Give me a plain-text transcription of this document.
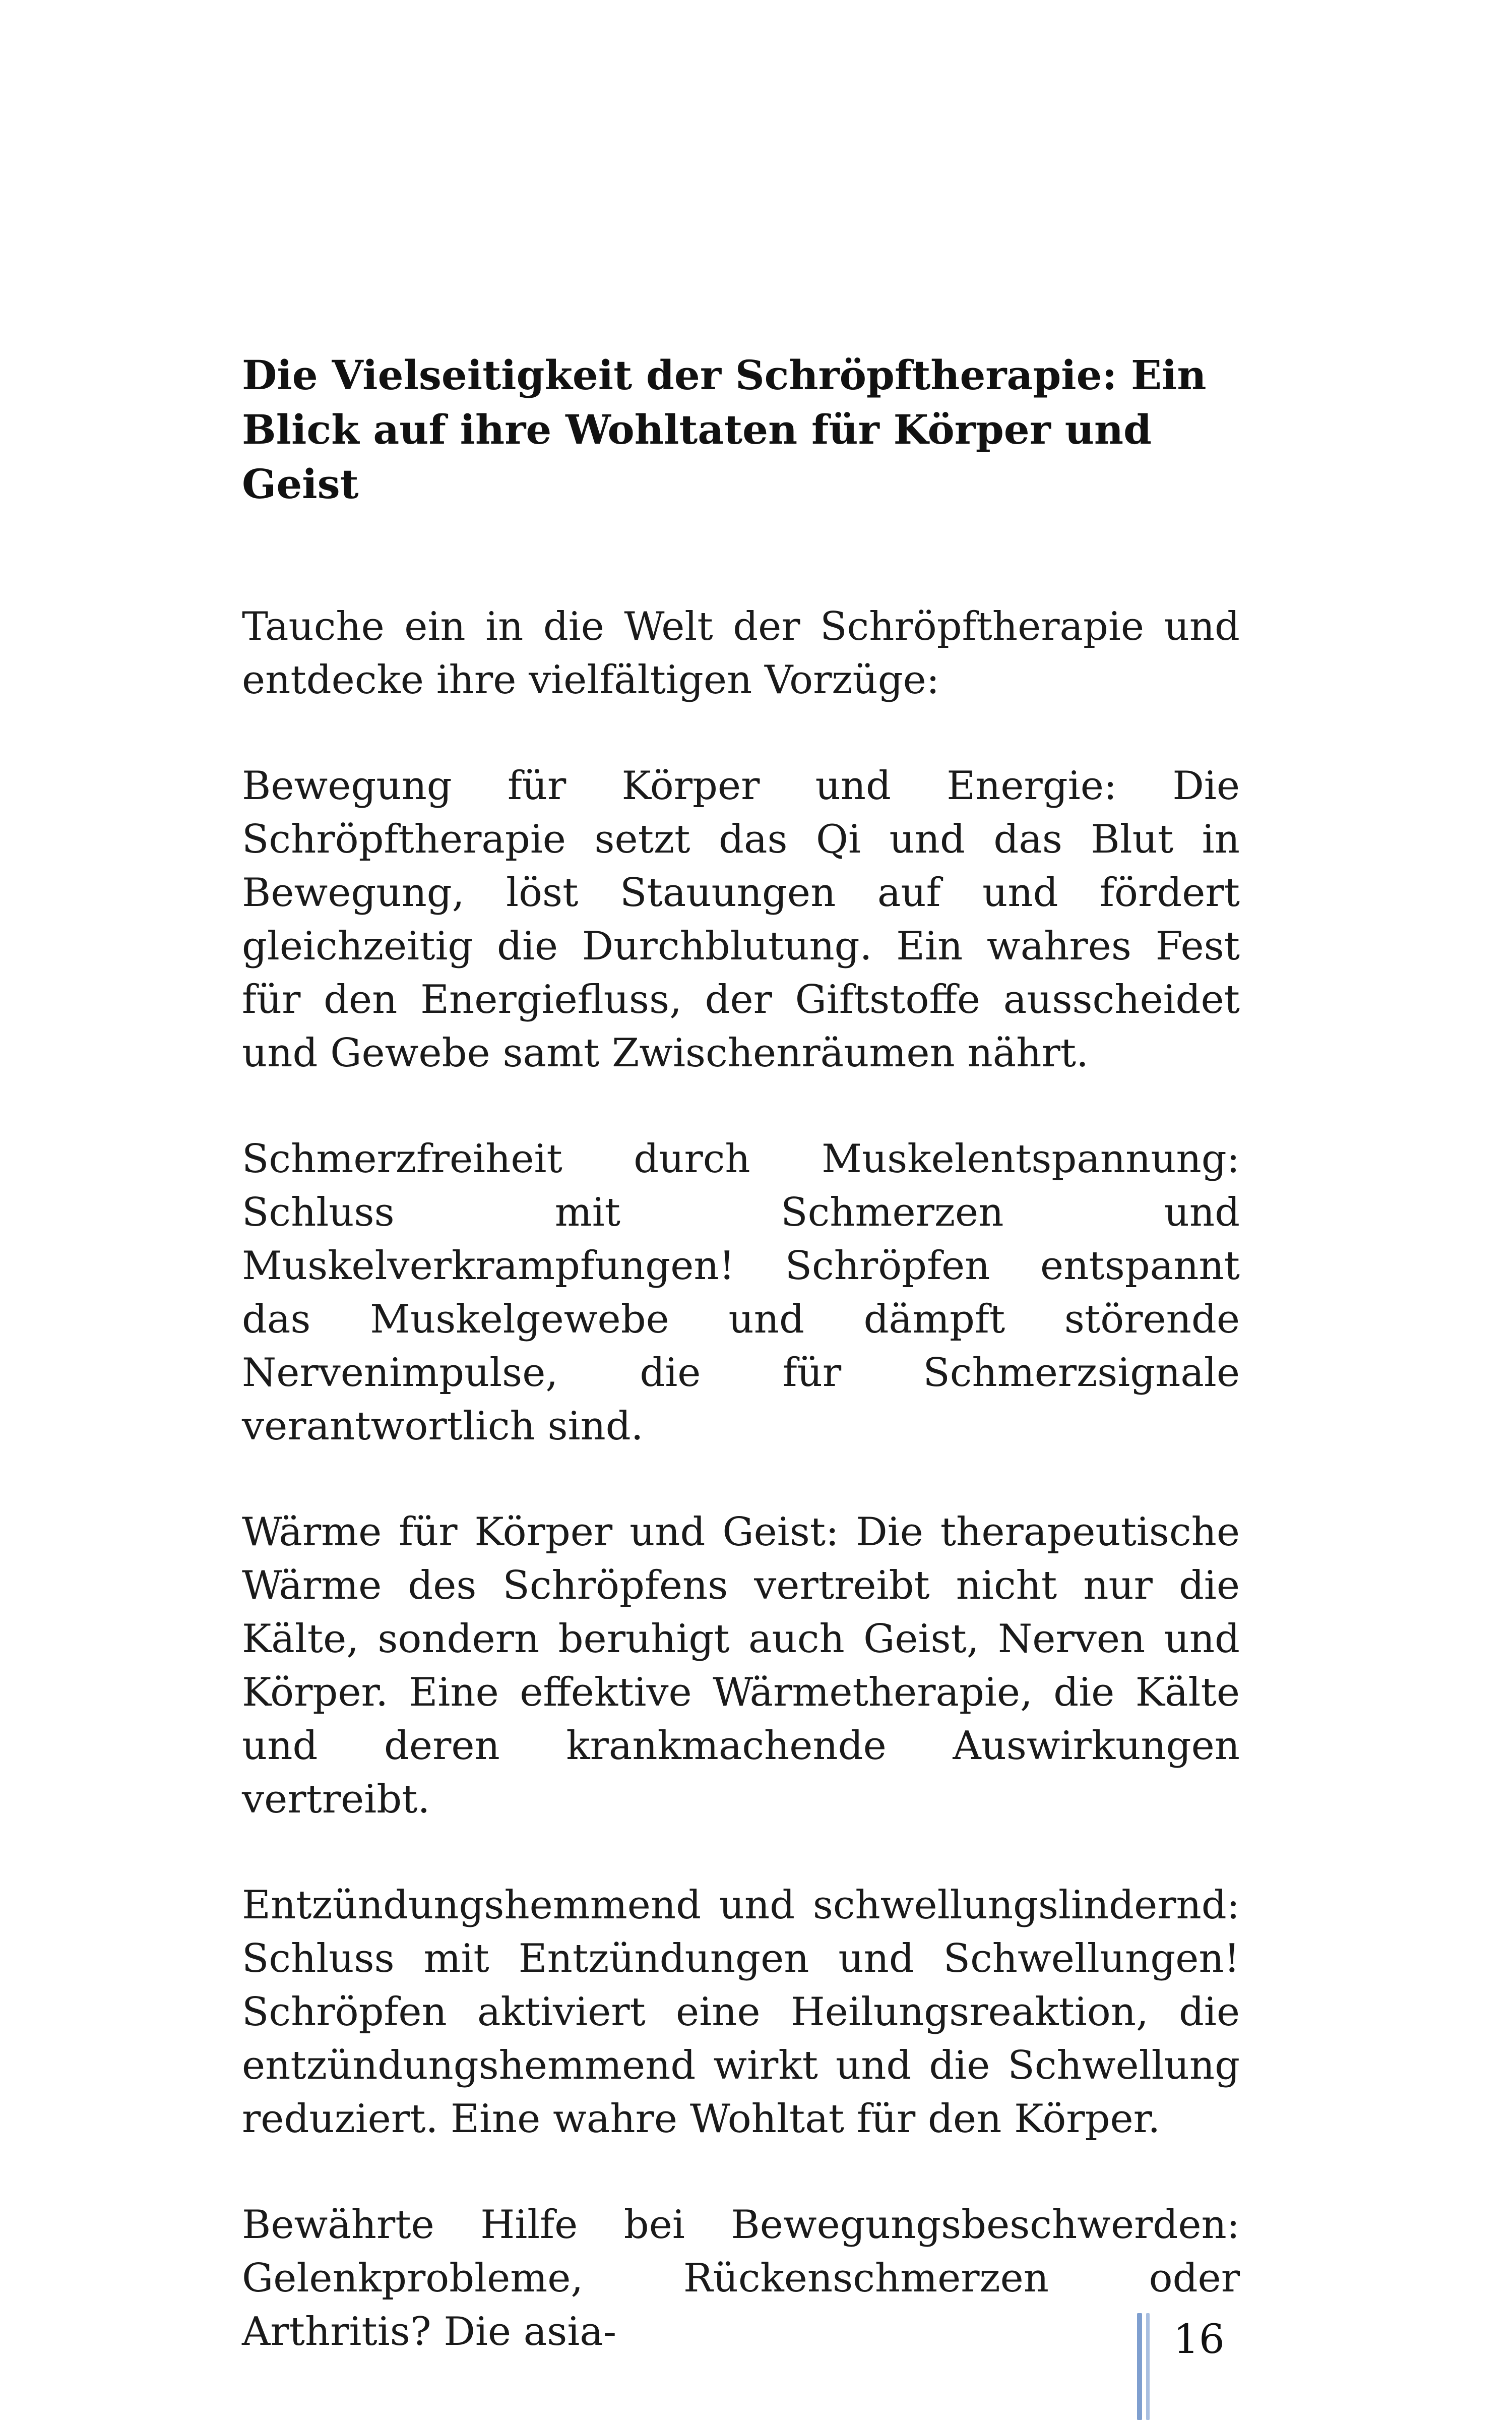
Die Vielseitigkeit der Schröpftherapie: Ein Blick auf ihre Wohltaten für Körper und Geist

Tauche ein in die Welt der Schröpftherapie und entdecke ihre vielfältigen Vorzüge:

Bewegung für Körper und Energie: Die Schröpftherapie setzt das Qi und das Blut in Bewegung, löst Stauungen auf und fördert gleichzeitig die Durchblutung. Ein wahres Fest für den Energiefluss, der Giftstoffe ausscheidet und Gewebe samt Zwischenräumen nährt.

Schmerzfreiheit durch Muskelentspannung: Schluss mit Schmerzen und Muskelverkrampfungen! Schröpfen entspannt das Muskelgewebe und dämpft störende Nervenimpulse, die für Schmerzsignale verantwortlich sind.

Wärme für Körper und Geist: Die therapeutische Wärme des Schröpfens vertreibt nicht nur die Kälte, sondern beruhigt auch Geist, Nerven und Körper. Eine effektive Wärmetherapie, die Kälte und deren krankmachende Auswirkungen vertreibt.

Entzündungshemmend und schwellungslindernd: Schluss mit Entzündungen und Schwellungen! Schröpfen aktiviert eine Heilungsreaktion, die entzündungshemmend wirkt und die Schwellung reduziert. Eine wahre Wohltat für den Körper.

Bewährte Hilfe bei Bewegungsbeschwerden: Gelenkprobleme, Rückenschmerzen oder Arthritis? Die asia-	16
